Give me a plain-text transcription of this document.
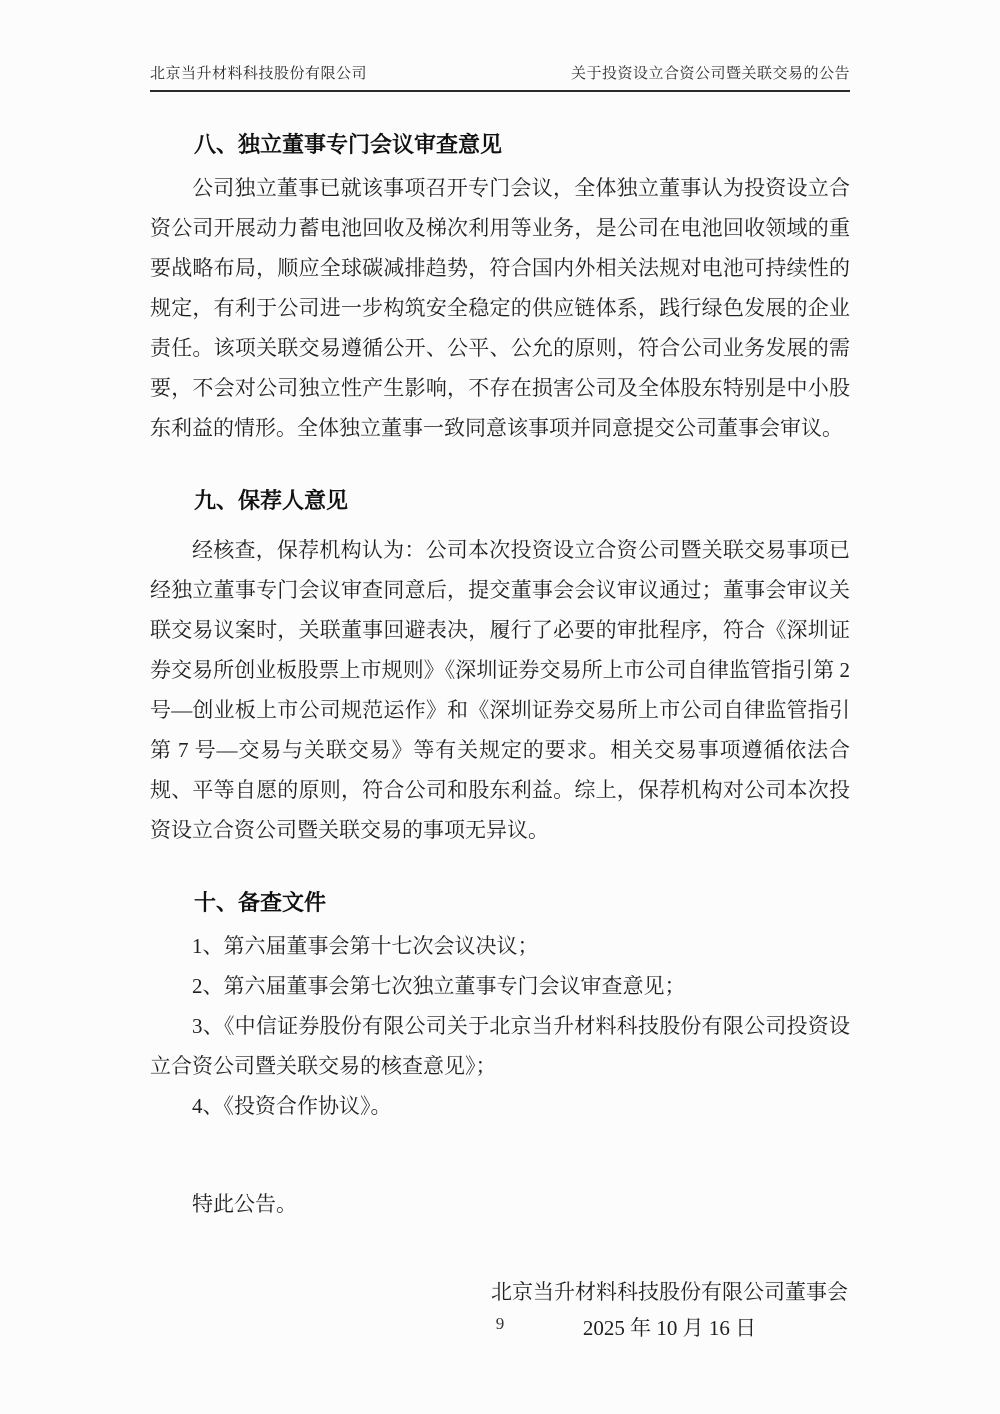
北京当升材料科技股份有限公司	关于投资设立合资公司暨关联交易的公告
八、独立董事专门会议审查意见

公司独立董事已就该事项召开专门会议，全体独立董事认为投资设立合资公司开展动力蓄电池回收及梯次利用等业务，是公司在电池回收领域的重要战略布局，顺应全球碳减排趋势，符合国内外相关法规对电池可持续性的规定，有利于公司进一步构筑安全稳定的供应链体系，践行绿色发展的企业责任。该项关联交易遵循公开、公平、公允的原则，符合公司业务发展的需要，不会对公司独立性产生影响，不存在损害公司及全体股东特别是中小股东利益的情形。全体独立董事一致同意该事项并同意提交公司董事会审议。

九、保荐人意见

经核查，保荐机构认为：公司本次投资设立合资公司暨关联交易事项已经独立董事专门会议审查同意后，提交董事会会议审议通过；董事会审议关联交易议案时，关联董事回避表决，履行了必要的审批程序，符合《深圳证券交易所创业板股票上市规则》《深圳证券交易所上市公司自律监管指引第 2 号—创业板上市公司规范运作》和《深圳证券交易所上市公司自律监管指引第 7 号—交易与关联交易》等有关规定的要求。相关交易事项遵循依法合规、平等自愿的原则，符合公司和股东利益。综上，保荐机构对公司本次投资设立合资公司暨关联交易的事项无异议。

十、备查文件

1、第六届董事会第十七次会议决议；

2、第六届董事会第七次独立董事专门会议审查意见；

3、《中信证券股份有限公司关于北京当升材料科技股份有限公司投资设立合资公司暨关联交易的核查意见》；

4、《投资合作协议》。

特此公告。

北京当升材料科技股份有限公司董事会
2025 年 10 月 16 日
9
